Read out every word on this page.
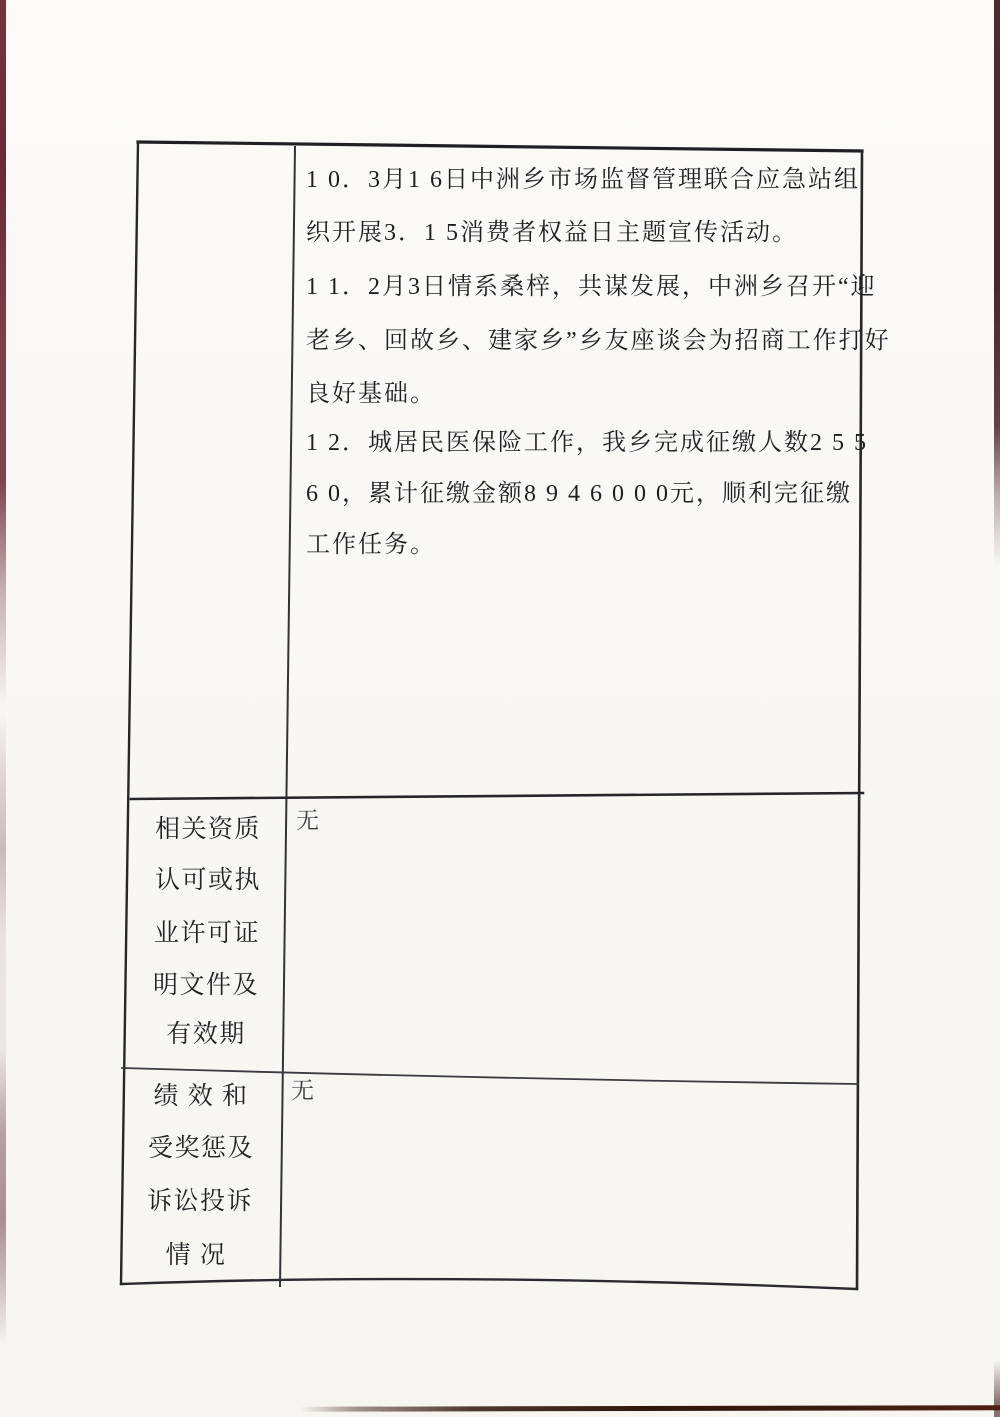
1 0．3月1 6日中洲乡市场监督管理联合应急站组
织开展3．1 5消费者权益日主题宣传活动。
1 1．2月3日情系桑梓，共谋发展，中洲乡召开“迎
老乡、回故乡、建家乡”乡友座谈会为招商工作打好
良好基础。
1 2．城居民医保险工作，我乡完成征缴人数2 5 5
6 0，累计征缴金额8 9 4 6 0 0 0元，顺利完征缴
工作任务。
相关资质
认可或执
业许可证
明文件及
有效期
无
绩 效 和
受奖惩及
诉讼投诉
情 况
无
